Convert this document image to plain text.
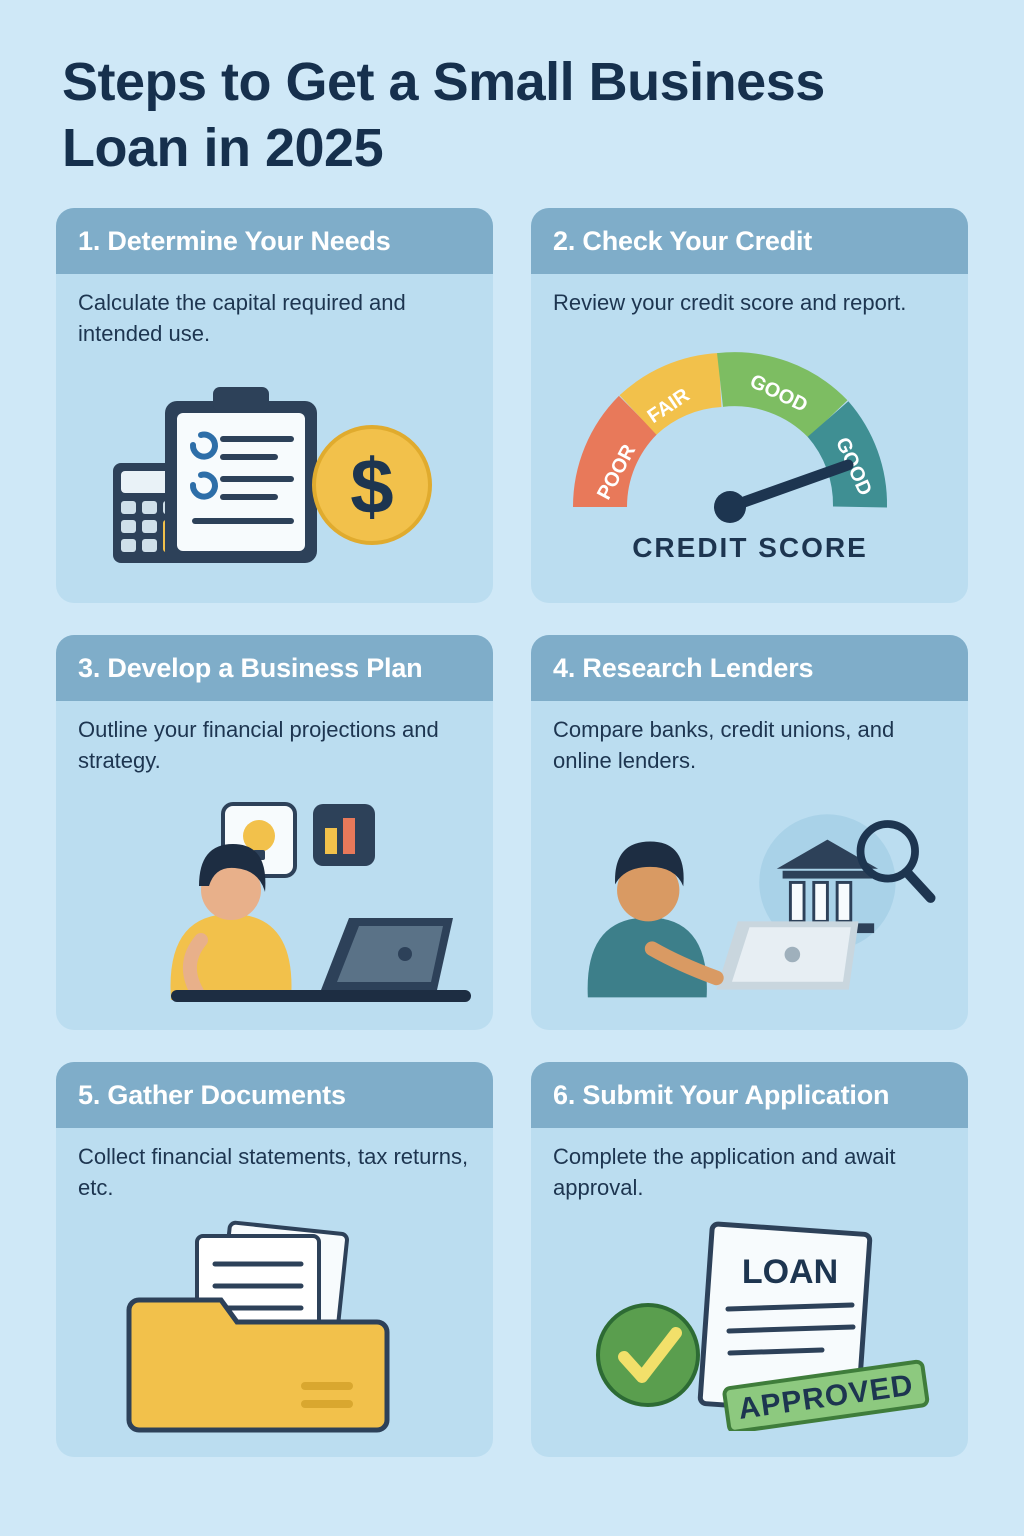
Steps to Get a Small Business Loan in 2025
1. Determine Your Needs
Calculate the capital required and intended use.
$
2. Check Your Credit
Review your credit score and report.
POOR
FAIR	GOOD
GOOD
CREDIT SCORE
3. Develop a Business Plan
Outline your financial projections and strategy.
4. Research Lenders
Compare banks, credit unions, and online lenders.
5. Gather Documents
Collect financial statements, tax returns, etc.
6. Submit Your Application
Complete the application and await approval.
LOAN
APPROVED
